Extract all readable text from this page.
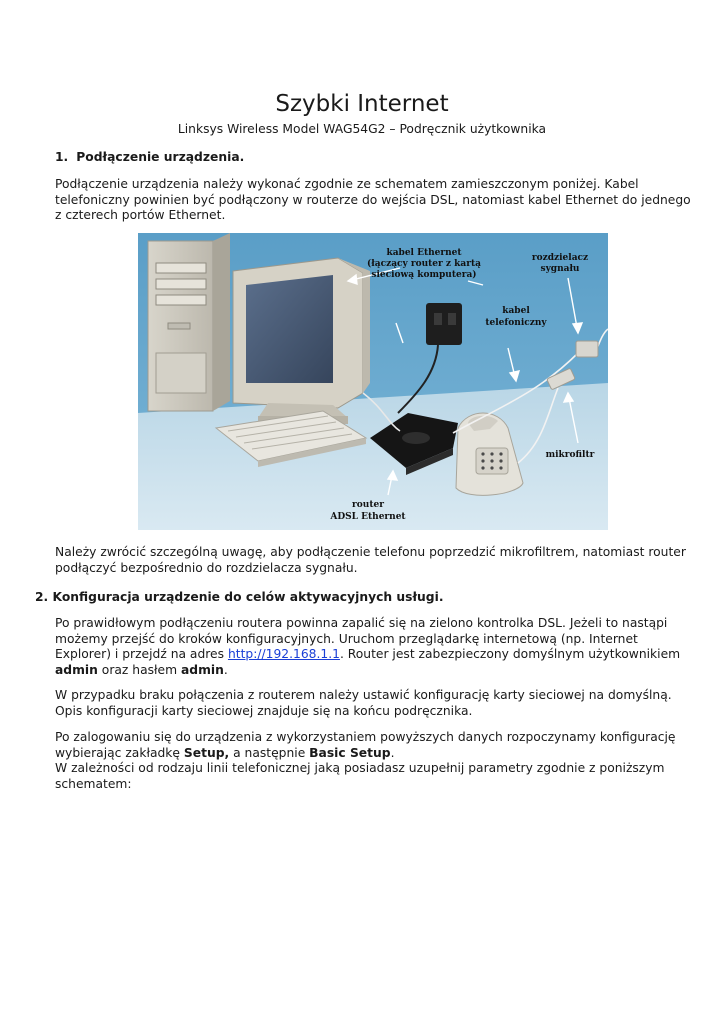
Szybki Internet
Linksys Wireless Model WAG54G2 – Podręcznik użytkownika
1. Podłączenie urządzenia.
Podłączenie urządzenia należy wykonać zgodnie ze schematem zamieszczonym poniżej. Kabel telefoniczny powinien być podłączony w routerze do wejścia DSL, natomiast kabel Ethernet do jednego z czterech portów Ethernet.
kabel Ethernet
(łączący router z kartą
sieciową komputera)
rozdzielacz
sygnału
kabel
telefoniczny
mikrofiltr
router
ADSL Ethernet
Należy zwrócić szczególną uwagę, aby podłączenie telefonu poprzedzić mikrofiltrem, natomiast router podłączyć bezpośrednio do rozdzielacza sygnału.
2. Konfiguracja urządzenie do celów aktywacyjnych usługi.
Po prawidłowym podłączeniu routera powinna zapalić się na zielono kontrolka DSL. Jeżeli to nastąpi możemy przejść do kroków konfiguracyjnych. Uruchom przeglądarkę internetową (np. Internet Explorer) i przejdź na adres http://192.168.1.1. Router jest zabezpieczony domyślnym użytkownikiem admin oraz hasłem admin.
W przypadku braku połączenia z routerem należy ustawić konfigurację karty sieciowej na domyślną. Opis konfiguracji karty sieciowej znajduje się na końcu podręcznika.
Po zalogowaniu się do urządzenia z wykorzystaniem powyższych danych rozpoczynamy konfigurację wybierając zakładkę Setup, a następnie Basic Setup.
W zależności od rodzaju linii telefonicznej jaką posiadasz uzupełnij parametry zgodnie z poniższym schematem:
